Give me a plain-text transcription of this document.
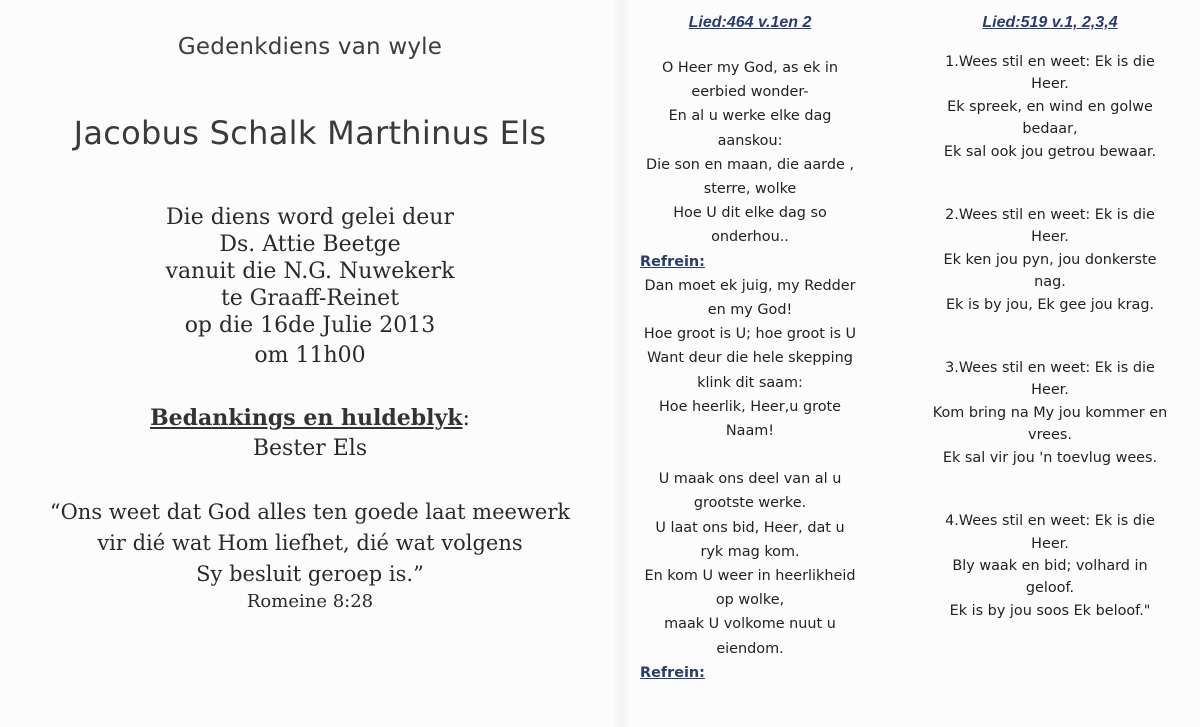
Gedenkdiens van wyle
Jacobus Schalk Marthinus Els
Die diens word gelei deur
Ds. Attie Beetge
vanuit die N.G. Nuwekerk
te Graaff-Reinet
op die 16de Julie 2013
om 11h00
Bedankings en huldeblyk:
Bester Els
“Ons weet dat God alles ten goede laat meewerk
vir dié wat Hom liefhet, dié wat volgens
Sy besluit geroep is.”
Romeine 8:28
Lied:464 v.1en 2
O Heer my God, as ek in
eerbied wonder-
En al u werke elke dag
aanskou:
Die son en maan, die aarde ,
sterre, wolke
Hoe U dit elke dag so
onderhou..
Refrein:
Dan moet ek juig, my Redder
en my God!
Hoe groot is U; hoe groot is U
Want deur die hele skepping
klink dit saam:
Hoe heerlik, Heer,u grote
Naam!
U maak ons deel van al u
grootste werke.
U laat ons bid, Heer, dat u
ryk mag kom.
En kom U weer in heerlikheid
op wolke,
maak U volkome nuut u
eiendom.
Refrein:
Lied:519 v.1, 2,3,4
1.Wees stil en weet: Ek is die
Heer.
Ek spreek, en wind en golwe
bedaar,
Ek sal ook jou getrou bewaar.
2.Wees stil en weet: Ek is die
Heer.
Ek ken jou pyn, jou donkerste
nag.
Ek is by jou, Ek gee jou krag.
3.Wees stil en weet: Ek is die
Heer.
Kom bring na My jou kommer en
vrees.
Ek sal vir jou 'n toevlug wees.
4.Wees stil en weet: Ek is die
Heer.
Bly waak en bid; volhard in
geloof.
Ek is by jou soos Ek beloof."
